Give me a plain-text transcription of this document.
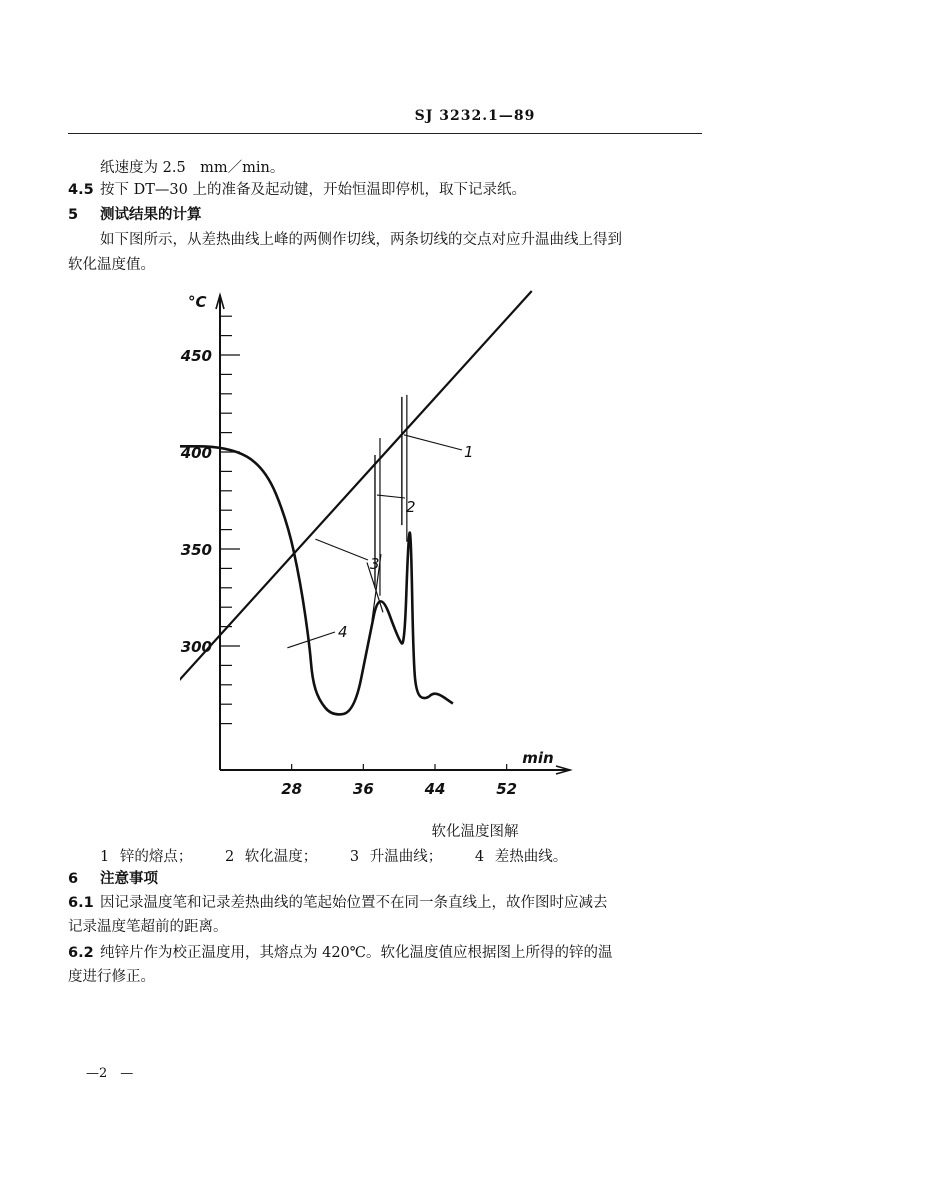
SJ 3232.1—89
纸速度为 2.5　mm／min。
4.5 按下 DT—30 上的准备及起动键，开始恒温即停机，取下记录纸。
5 测试结果的计算
如下图所示，从差热曲线上峰的两侧作切线，两条切线的交点对应升温曲线上得到
软化温度值。
450
400
350
300
°C
28	36	44	52
min
1
2
3
4
软化温度图解
1 锌的熔点； 2 软化温度； 3 升温曲线； 4 差热曲线。
6 注意事项
6.1 因记录温度笔和记录差热曲线的笔起始位置不在同一条直线上，故作图时应减去
记录温度笔超前的距离。
6.2 纯锌片作为校正温度用，其熔点为 420℃。软化温度值应根据图上所得的锌的温
度进行修正。
—2　—
